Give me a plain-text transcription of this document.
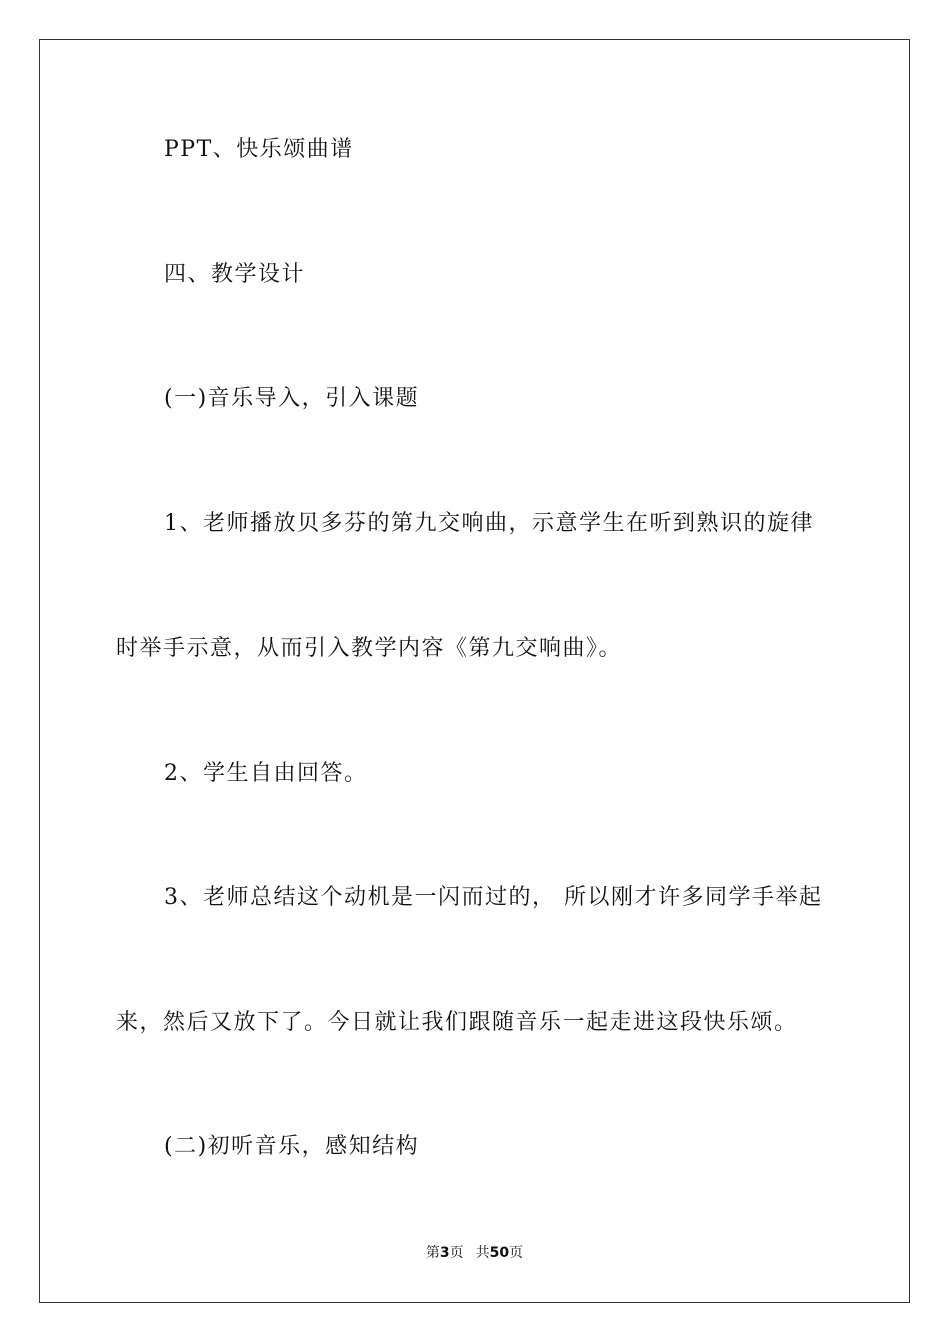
PPT、快乐颂曲谱

四、教学设计

(一)音乐导入，引入课题

1、老师播放贝多芬的第九交响曲，示意学生在听到熟识的旋律

时举手示意，从而引入教学内容《第九交响曲》。

2、学生自由回答。

3、老师总结这个动机是一闪而过的， 所以刚才许多同学手举起

来，然后又放下了。今日就让我们跟随音乐一起走进这段快乐颂。

(二)初听音乐，感知结构

第3页 共50页
